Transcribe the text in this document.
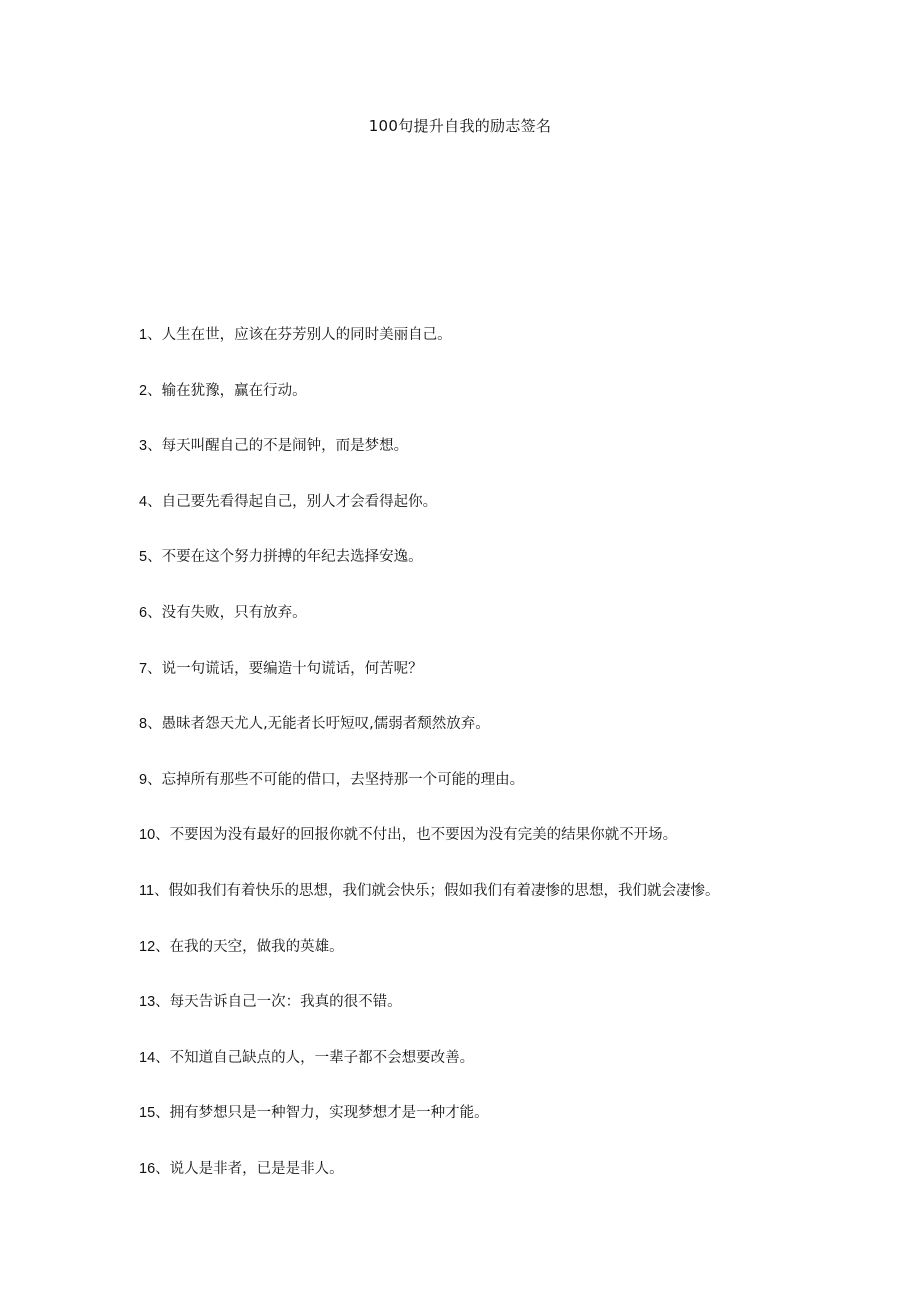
100句提升自我的励志签名
1、人生在世，应该在芬芳别人的同时美丽自己。
2、输在犹豫，赢在行动。
3、每天叫醒自己的不是闹钟，而是梦想。
4、自己要先看得起自己，别人才会看得起你。
5、不要在这个努力拼搏的年纪去选择安逸。
6、没有失败，只有放弃。
7、说一句谎话，要编造十句谎话，何苦呢？
8、愚昧者怨天尤人,无能者长吁短叹,儒弱者颓然放弃。
9、忘掉所有那些不可能的借口，去坚持那一个可能的理由。
10、不要因为没有最好的回报你就不付出，也不要因为没有完美的结果你就不开场。
11、假如我们有着快乐的思想，我们就会快乐；假如我们有着凄惨的思想，我们就会凄惨。
12、在我的天空，做我的英雄。
13、每天告诉自己一次：我真的很不错。
14、不知道自己缺点的人，一辈子都不会想要改善。
15、拥有梦想只是一种智力，实现梦想才是一种才能。
16、说人是非者，已是是非人。
